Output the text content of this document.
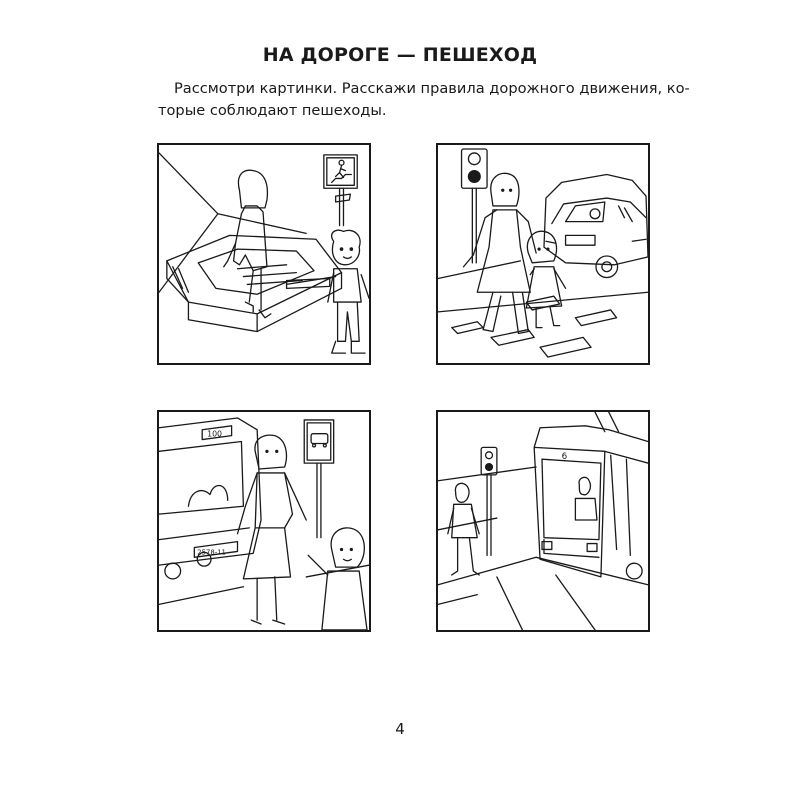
НА ДОРОГЕ — ПЕШЕХОД
Рассмотри картинки. Расскажи правила дорожного движения, ко-
торые соблюдают пешеходы.
100
2578-11
6
4
